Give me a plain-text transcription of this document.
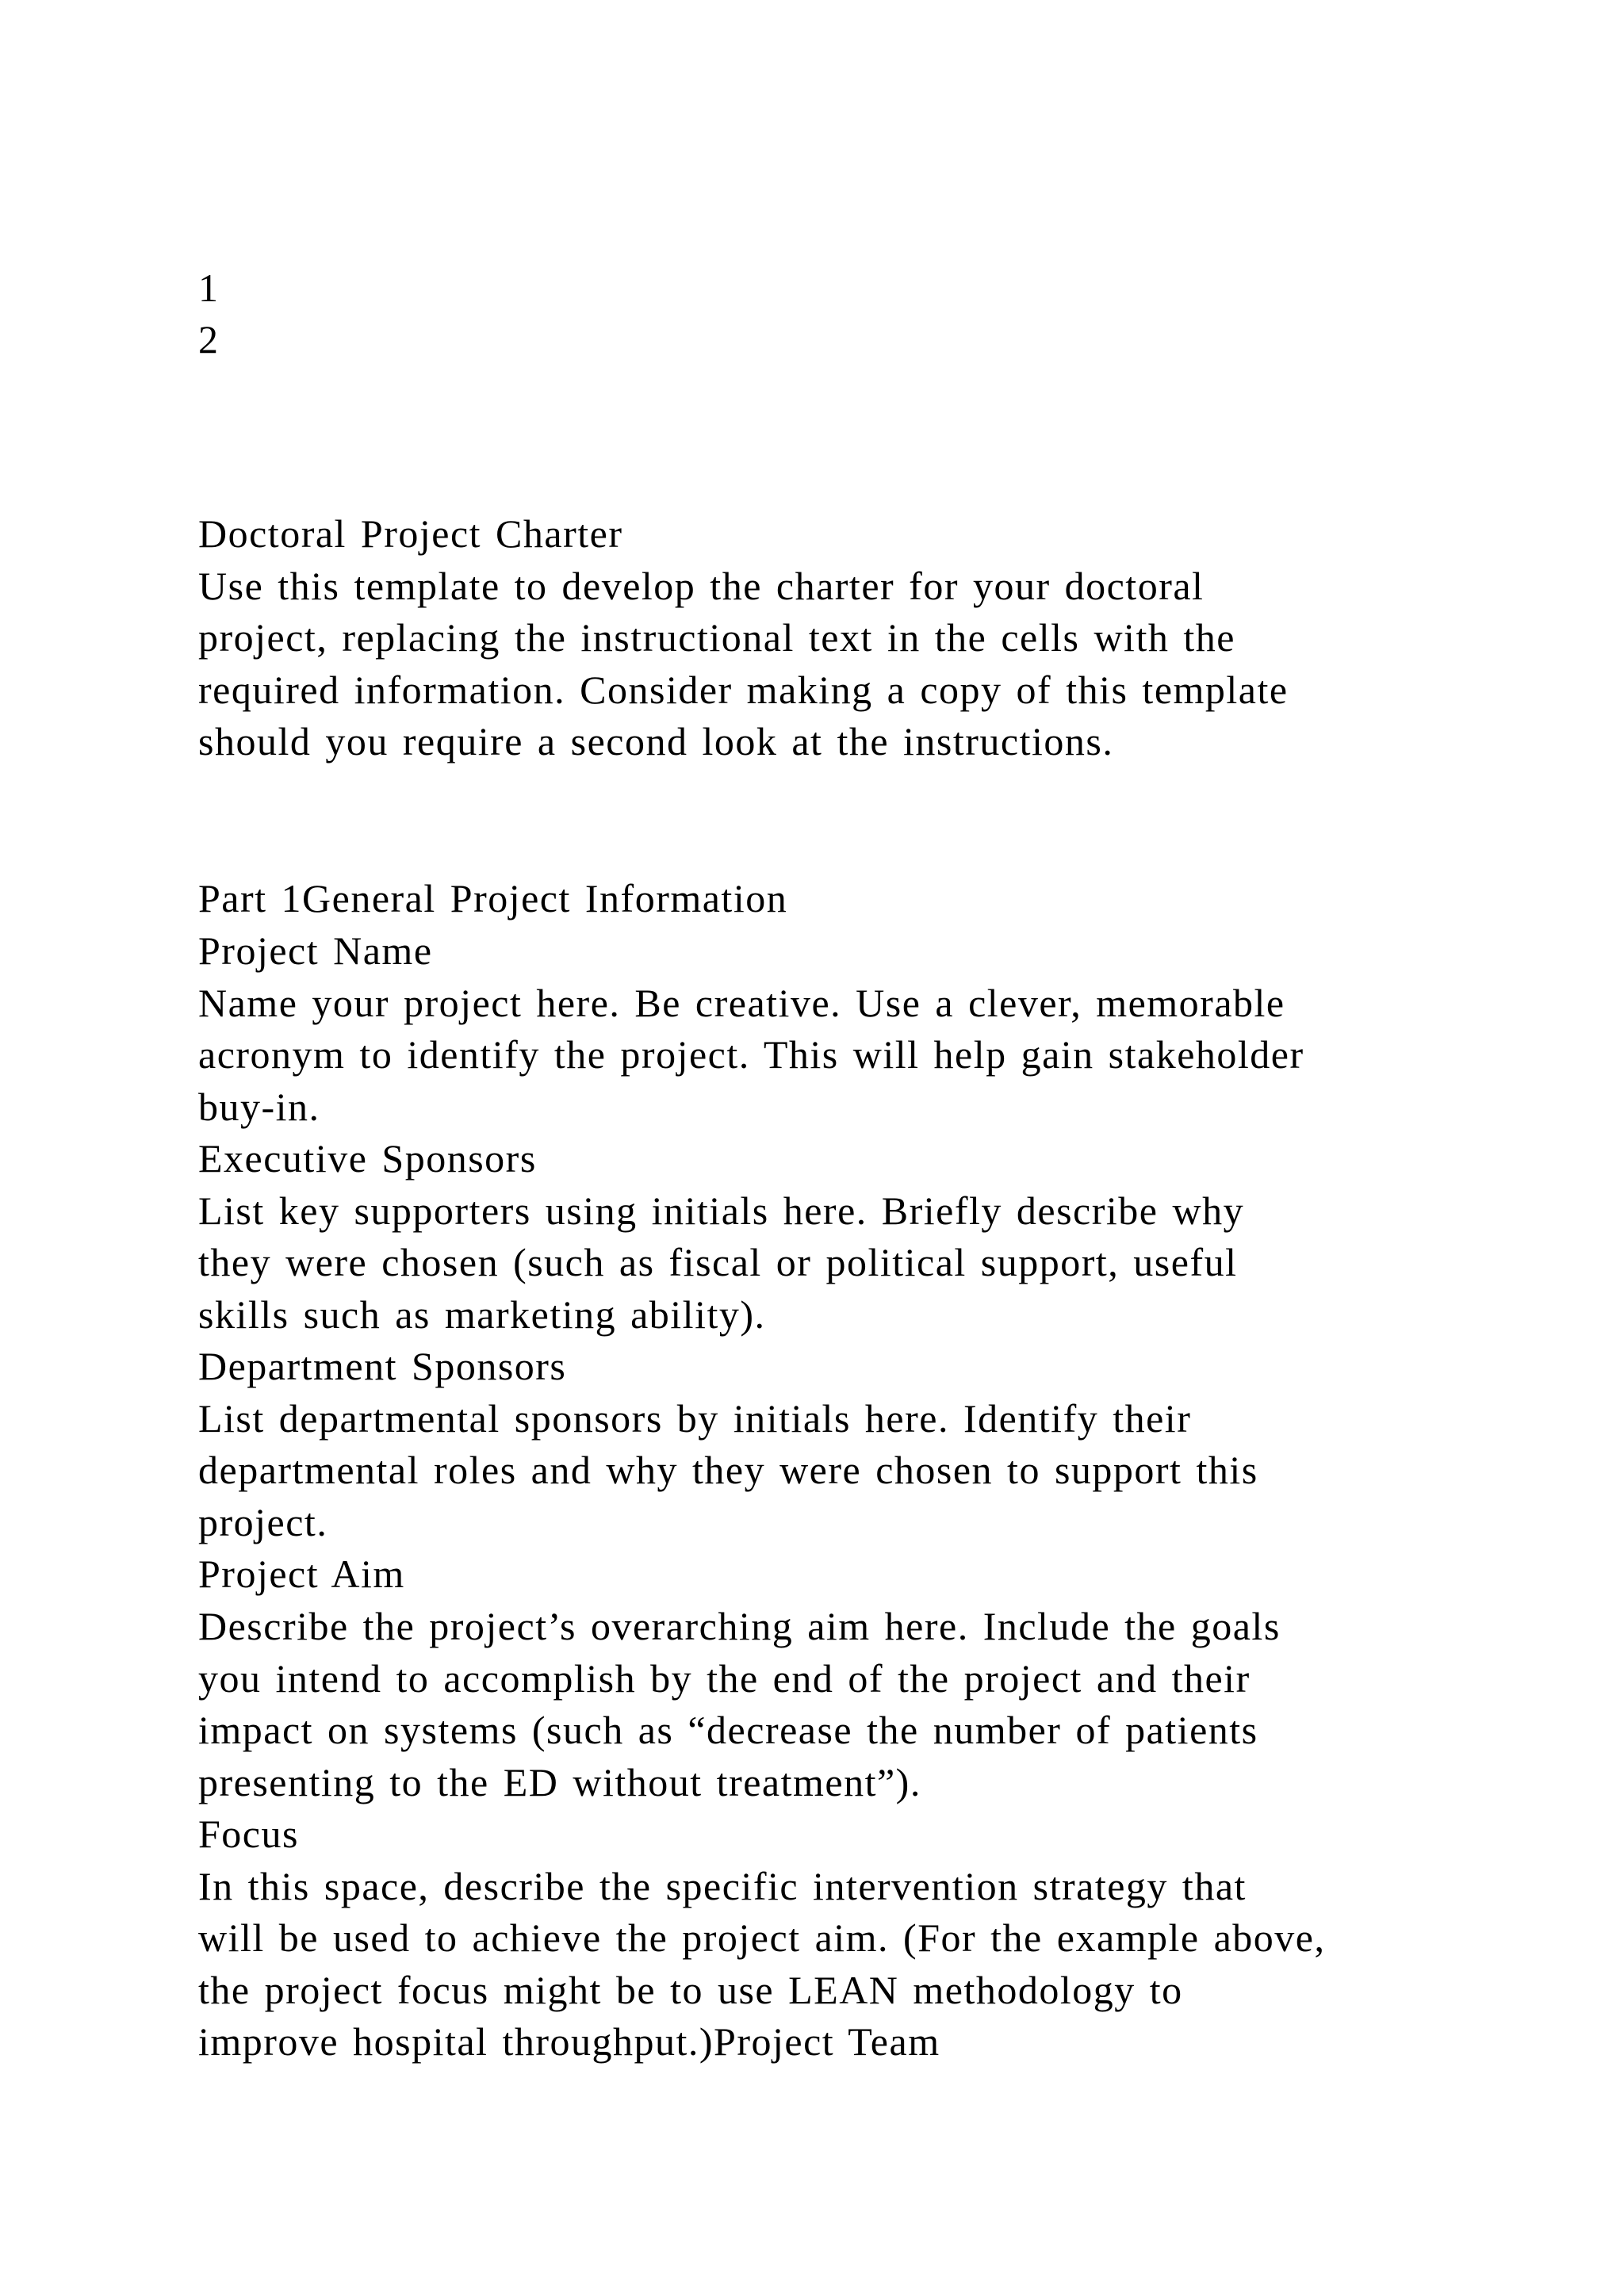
1
2
Doctoral Project Charter
Use this template to develop the charter for your doctoral
project, replacing the instructional text in the cells with the
required information. Consider making a copy of this template
should you require a second look at the instructions.
Part 1General Project Information
Project Name
Name your project here. Be creative. Use a clever, memorable
acronym to identify the project. This will help gain stakeholder
buy-in.
Executive Sponsors
List key supporters using initials here. Briefly describe why
they were chosen (such as fiscal or political support, useful
skills such as marketing ability).
Department Sponsors
List departmental sponsors by initials here. Identify their
departmental roles and why they were chosen to support this
project.
Project Aim
Describe the project’s overarching aim here. Include the goals
you intend to accomplish by the end of the project and their
impact on systems (such as “decrease the number of patients
presenting to the ED without treatment”).
Focus
In this space, describe the specific intervention strategy that
will be used to achieve the project aim. (For the example above,
the project focus might be to use LEAN methodology to
improve hospital throughput.)Project Team
